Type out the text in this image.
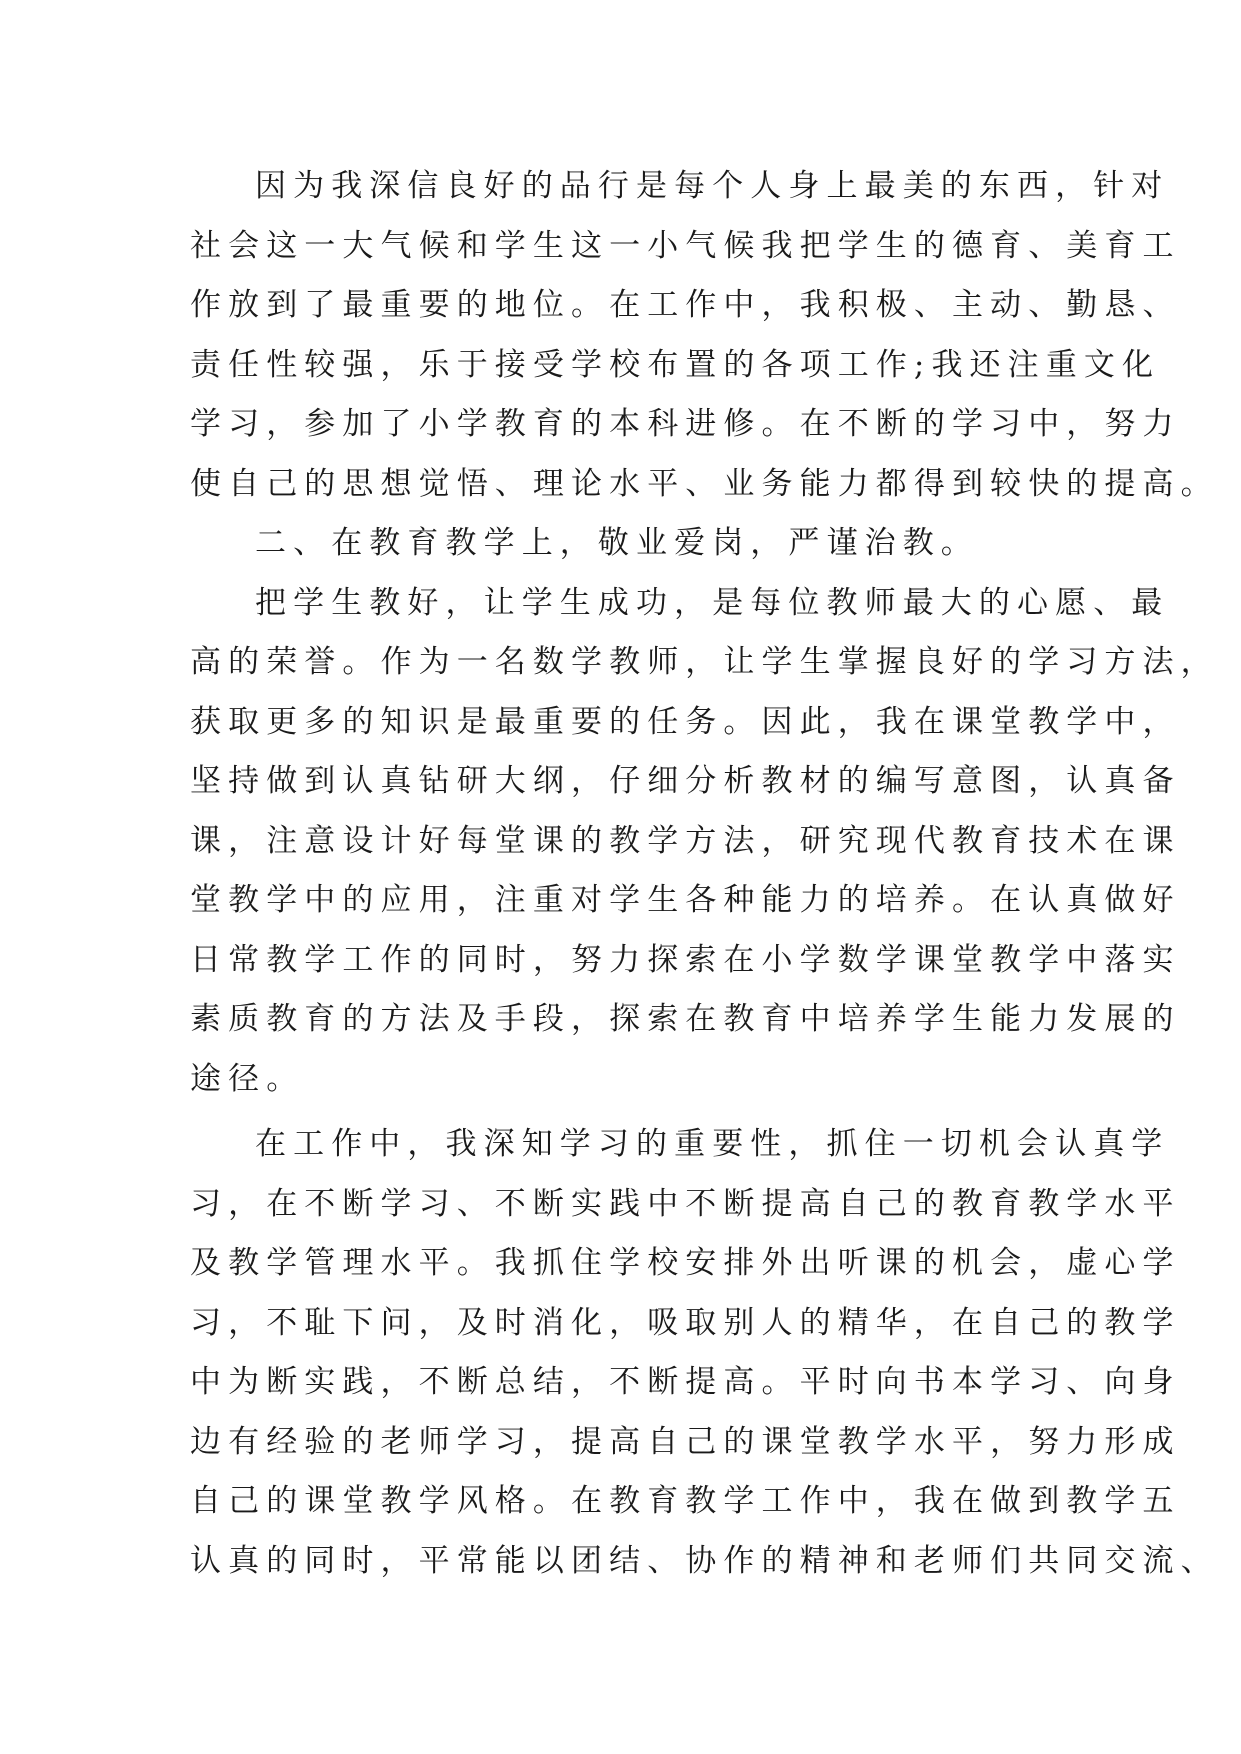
因为我深信良好的品行是每个人身上最美的东西，针对
社会这一大气候和学生这一小气候我把学生的德育、美育工
作放到了最重要的地位。在工作中，我积极、主动、勤恳、
责任性较强，乐于接受学校布置的各项工作;我还注重文化
学习，参加了小学教育的本科进修。在不断的学习中，努力
使自己的思想觉悟、理论水平、业务能力都得到较快的提高。
二、在教育教学上，敬业爱岗，严谨治教。
把学生教好，让学生成功，是每位教师最大的心愿、最
高的荣誉。作为一名数学教师，让学生掌握良好的学习方法，
获取更多的知识是最重要的任务。因此，我在课堂教学中，
坚持做到认真钻研大纲，仔细分析教材的编写意图，认真备
课，注意设计好每堂课的教学方法，研究现代教育技术在课
堂教学中的应用，注重对学生各种能力的培养。在认真做好
日常教学工作的同时，努力探索在小学数学课堂教学中落实
素质教育的方法及手段，探索在教育中培养学生能力发展的
途径。
在工作中，我深知学习的重要性，抓住一切机会认真学
习，在不断学习、不断实践中不断提高自己的教育教学水平
及教学管理水平。我抓住学校安排外出听课的机会，虚心学
习，不耻下问，及时消化，吸取别人的精华，在自己的教学
中为断实践，不断总结，不断提高。平时向书本学习、向身
边有经验的老师学习，提高自己的课堂教学水平，努力形成
自己的课堂教学风格。在教育教学工作中，我在做到教学五
认真的同时，平常能以团结、协作的精神和老师们共同交流、
